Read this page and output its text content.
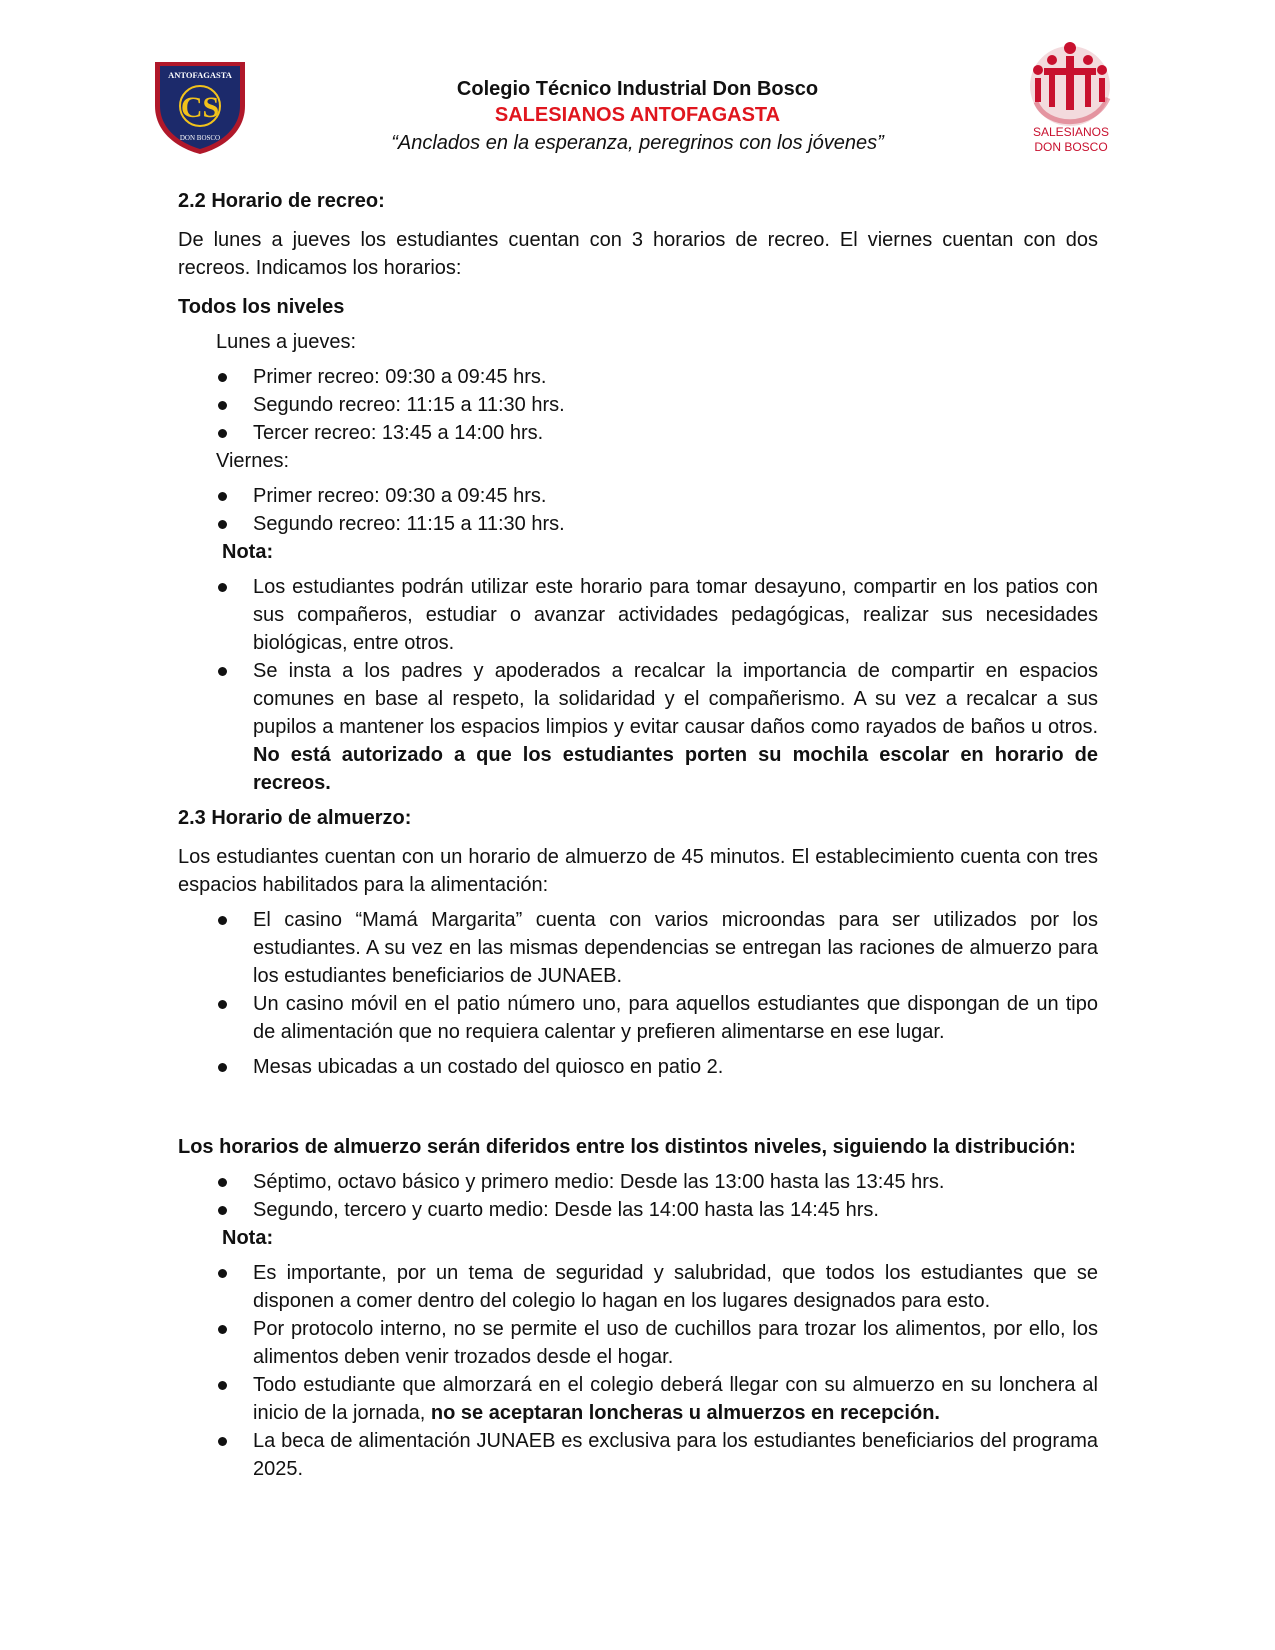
ANTOFAGASTA
CS
DON BOSCO
Colegio Técnico Industrial Don Bosco
SALESIANOS ANTOFAGASTA
“Anclados en la esperanza, peregrinos con los jóvenes”	SALESIANOS
DON BOSCO

2.2 Horario de recreo:

De lunes a jueves los estudiantes cuentan con 3 horarios de recreo. El viernes cuentan con dos recreos. Indicamos los horarios:

Todos los niveles

Lunes a jueves:

Primer recreo: 09:30 a 09:45 hrs.
Segundo recreo: 11:15 a 11:30 hrs.
Tercer recreo: 13:45 a 14:00 hrs.

Viernes:

Primer recreo: 09:30 a 09:45 hrs.
Segundo recreo: 11:15 a 11:30 hrs.

Nota:

Los estudiantes podrán utilizar este horario para tomar desayuno, compartir en los patios con sus compañeros, estudiar o avanzar actividades pedagógicas, realizar sus necesidades biológicas, entre otros.
Se insta a los padres y apoderados a recalcar la importancia de compartir en espacios comunes en base al respeto, la solidaridad y el compañerismo. A su vez a recalcar a sus pupilos a mantener los espacios limpios y evitar causar daños como rayados de baños u otros. No está autorizado a que los estudiantes porten su mochila escolar en horario de recreos.

2.3 Horario de almuerzo:

Los estudiantes cuentan con un horario de almuerzo de 45 minutos. El establecimiento cuenta con tres espacios habilitados para la alimentación:

El casino “Mamá Margarita” cuenta con varios microondas para ser utilizados por los estudiantes. A su vez en las mismas dependencias se entregan las raciones de almuerzo para los estudiantes beneficiarios de JUNAEB.
Un casino móvil en el patio número uno, para aquellos estudiantes que dispongan de un tipo de alimentación que no requiera calentar y prefieren alimentarse en ese lugar.
Mesas ubicadas a un costado del quiosco en patio 2.

Los horarios de almuerzo serán diferidos entre los distintos niveles, siguiendo la distribución:

Séptimo, octavo básico y primero medio: Desde las 13:00 hasta las 13:45 hrs.
Segundo, tercero y cuarto medio: Desde las 14:00 hasta las 14:45 hrs.

Nota:

Es importante, por un tema de seguridad y salubridad, que todos los estudiantes que se disponen a comer dentro del colegio lo hagan en los lugares designados para esto.
Por protocolo interno, no se permite el uso de cuchillos para trozar los alimentos, por ello, los alimentos deben venir trozados desde el hogar.
Todo estudiante que almorzará en el colegio deberá llegar con su almuerzo en su lonchera al inicio de la jornada, no se aceptaran loncheras u almuerzos en recepción.
La beca de alimentación JUNAEB es exclusiva para los estudiantes beneficiarios del programa 2025.
